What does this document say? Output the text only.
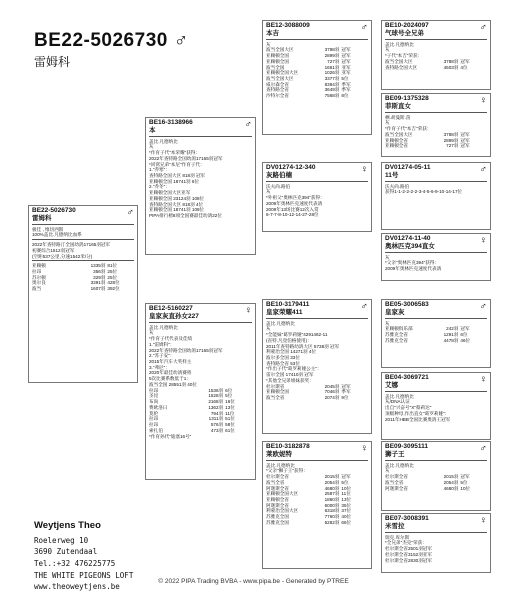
BE22-5026730 ♂
雷姆科
BE22-5026730
雷姆科
♂
极佳 , 维切西斯
100%盖比.凡德纳比血系
2022年查特路汀全国幼鸽17165羽冠军
初赛综合1512羽冠军
(空距537公里,分速1542米/分)
亚赖顿	1335羽 81位
拉昂	356羽 25位
苏尔顿	329羽 25位
奥尔良	3391羽 428位
波当	1607羽 392位
BE16-3138966
本
♂
盖比.凡德纳比
灰
*作育子代"本荣耀"获得：
2022年查特路全国幼鸽17165羽冠军
*同窝兄弟"本尼"作育子代：
1."乔寒"：
查特路全国大区 818羽 冠军
亚赖顿全国 18741羽 6位
2."乔冬"：
亚赖顿全国大区亚军
亚赖顿全国 23124羽 108位
查特路全国大区 818羽 4位
亚赖顿全国 18741羽 108位
PIPA排行榜8项全国赛最佳幼鸽22位
BE12-5160227
皇家灰直孙女227
♀
盖比.凡德纳比
灰
*作育子代代表及佳绩
1."雷姆科"：
2022年查特路全国幼鸽17165羽冠军
2."苏子安"：
2015年汽车大奖样主
3."弗尼"：
2020年最佳幼鸽赛将
5次比赛系数低于1：
波当全国 28551羽 40位
拉昂	1536羽 6位
圣昆	1528羽 5位
布尚	2168羽 16位
费欧洛日	1362羽 13位
莫伦	794羽 11位
拉昂	1311羽 51位
拉昂	576羽 58位
索扎伯	473羽 61位
*作育孙代"迪塞16号"
BE12-3088009
本吉
♂
灰
波当全国大区	3788羽 冠军
亚赖顿全国	2899羽 冠军
亚赖顿全国	727羽 冠军
波当全国	1661羽 亚军
亚赖顿全国大区	1026羽 亚军
波当全国大区	3377羽 5位
威尔森全省	8394羽 季军
查特路全省	3649羽 季军
沙特尔全省	7568羽 8位
DV01274-12-340
灰路伯楠
♀
沃夫尚.路伯
灰
*外祖父"奥林匹克394"获得：
2009年奥林匹克速度代表鸽
2009年13场比赛12次入赏
6-7-7-8-10-12-14-27-28位
BE10-2024097
气球号全兄弟
♂
盖比.凡德纳比
灰
*子代"本吉"荣获：
波当全国大区	3788羽 冠军
查特路全国大区	4503羽 4位
BE09-1375328
菲斯直女
♀
栖.胡曼斯.茵
灰
*作育子代"本吉"荣获：
波当全国大区	3788羽 冠军
亚赖顿全省	2899羽 冠军
亚赖顿全省	727羽 冠军
DV01274-05-11
11号
♂
沃夫尚.路伯
获得1-1-2-2-2-2-3-4-5-6-9-10-14-17位
DV01274-11-40
奥林匹克394直女
♀
灰
*父亲"奥林匹克394"获得：
2009年奥林匹克速度代表鸽
BE10-3179411
皇家荣耀411
♂
盖比.凡德纳比
灰
*全能妹"葛罗莉娅"4291462-11
(省特.凡登伯格使用)：
2011年查特路幼鸽大区 5738羽 冠军
利蒙治全国 14271羽 4位
波尔多全国 33位
查特路全省 53位
*作出子代"葛罗莉娅公主"：
雷尔全国 17410羽 冠军
*其他全兄弟姐妹获奖：
杜尔斯省	2045羽 冠军
亚赖顿全国	7046羽 季军
波当全省	2074羽 9位
BE10-3182878
莱欧妮特
♀
盖比.凡德纳比
*父亲"狮子王"获得：
杜尔斯全省	2015羽 冠军
波当全省	2054羽 5位
阿迦斯全省	4680羽 10位
亚赖顿全国大区	2587羽 11位
亚赖顿全省	1860羽 13位
阿迦斯全省	6000羽 35位
利蒙治全国大区	6318羽 37位
苏雅克全国	7760羽 40位
苏雅克全国	5282羽 66位
BE05-3006583
皇家灰
♂
灰
亚赖顿俱乐部	242羽 冠军
苏雅克全省	1291羽 6位
苏雅克全省	4478羽 46位
BE04-3069721
艾娜
♀
盖比.凡德纳比
灰/DNA认证
出自"兴奋号"X"蔡莉达"
顶级种母,作出直女"葛罗莉娅"：
2011年HBB全国比赛奥鸽王冠军
BE09-3095111
狮子王
♂
盖比.凡德纳比
灰
杜尔斯全省	2015羽 冠军
波当全省	2054羽 5位
阿迦斯全省	4680羽 10位
BE07-3008391
米雪拉
♀
瑞克.库尔斯
*全兄弟"杰克"荣获：
杜尔斯全省2501羽冠军
杜尔斯全省3152羽亚军
杜尔斯全省2830羽冠军
Weytjens Theo
Roelerweg 10
3690 Zutendaal
Tel.:+32 476225775
THE WHITE PIGEONS LOFT
www.theoweytjens.be
© 2022 PIPA Trading BVBA - www.pipa.be - Generated by PTREE
